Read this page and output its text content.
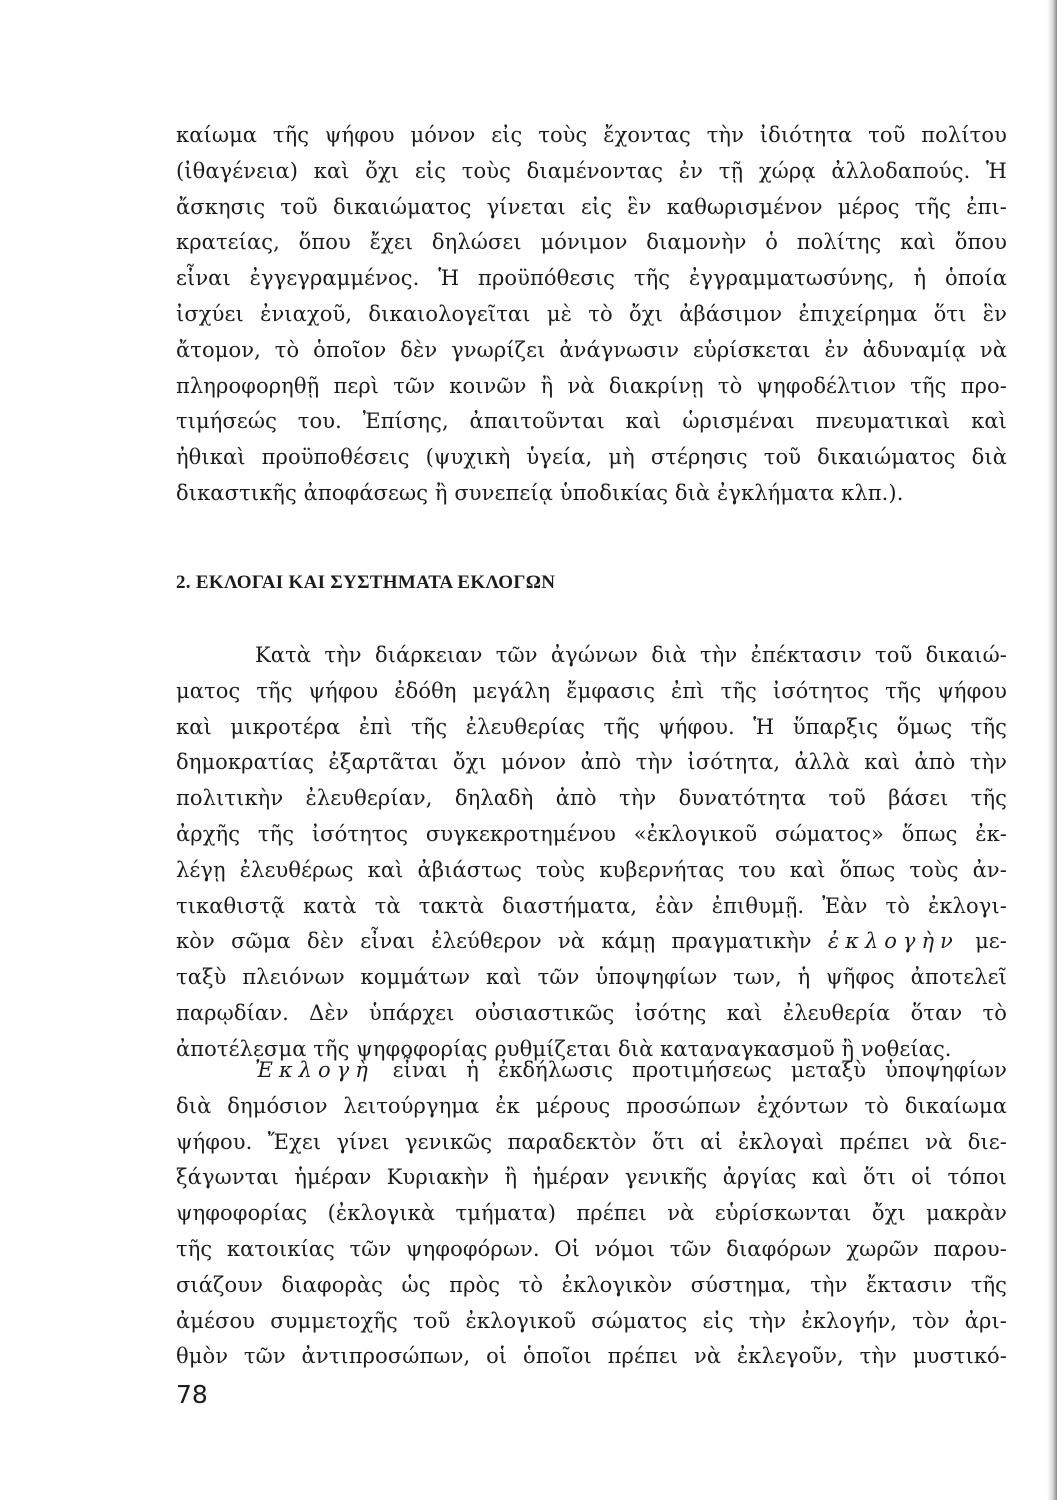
καίωμα τῆς ψήφου μόνον εἰς τοὺς ἔχοντας τὴν ἰδιότητα τοῦ πολίτου
(ἰθαγένεια) καὶ ὄχι εἰς τοὺς διαμένοντας ἐν τῇ χώρᾳ ἀλλοδαπούς. Ἡ
ἄσκησις τοῦ δικαιώματος γίνεται εἰς ἓν καθωρισμένον μέρος τῆς ἐπι-
κρατείας, ὅπου ἔχει δηλώσει μόνιμον διαμονὴν ὁ πολίτης καὶ ὅπου
εἶναι ἐγγεγραμμένος. Ἡ προϋπόθεσις τῆς ἐγγραμματωσύνης, ἡ ὁποία
ἰσχύει ἐνιαχοῦ, δικαιολογεῖται μὲ τὸ ὄχι ἀβάσιμον ἐπιχείρημα ὅτι ἓν
ἄτομον, τὸ ὁποῖον δὲν γνωρίζει ἀνάγνωσιν εὑρίσκεται ἐν ἀδυναμίᾳ νὰ
πληροφορηθῇ περὶ τῶν κοινῶν ἢ νὰ διακρίνῃ τὸ ψηφοδέλτιον τῆς προ-
τιμήσεώς του. Ἐπίσης, ἀπαιτοῦνται καὶ ὡρισμέναι πνευματικαὶ καὶ
ἠθικαὶ προϋποθέσεις (ψυχικὴ ὑγεία, μὴ στέρησις τοῦ δικαιώματος διὰ
δικαστικῆς ἀποφάσεως ἢ συνεπείᾳ ὑποδικίας διὰ ἐγκλήματα κλπ.).

2. ΕΚΛΟΓΑΙ ΚΑΙ ΣΥΣΤΗΜΑΤΑ ΕΚΛΟΓΩΝ

Κατὰ τὴν διάρκειαν τῶν ἀγώνων διὰ τὴν ἐπέκτασιν τοῦ δικαιώ-
ματος τῆς ψήφου ἐδόθη μεγάλη ἔμφασις ἐπὶ τῆς ἰσότητος τῆς ψήφου
καὶ μικροτέρα ἐπὶ τῆς ἐλευθερίας τῆς ψήφου. Ἡ ὕπαρξις ὅμως τῆς
δημοκρατίας ἐξαρτᾶται ὄχι μόνον ἀπὸ τὴν ἰσότητα, ἀλλὰ καὶ ἀπὸ τὴν
πολιτικὴν ἐλευθερίαν, δηλαδὴ ἀπὸ τὴν δυνατότητα τοῦ βάσει τῆς
ἀρχῆς τῆς ἰσότητος συγκεκροτημένου «ἐκλογικοῦ σώματος» ὅπως ἐκ-
λέγῃ ἐλευθέρως καὶ ἀβιάστως τοὺς κυβερνήτας του καὶ ὅπως τοὺς ἀν-
τικαθιστᾷ κατὰ τὰ τακτὰ διαστήματα, ἐὰν ἐπιθυμῇ. Ἐὰν τὸ ἐκλογι-
κὸν σῶμα δὲν εἶναι ἐλεύθερον νὰ κάμῃ πραγματικὴν ἐκλογὴν με-
ταξὺ πλειόνων κομμάτων καὶ τῶν ὑποψηφίων των, ἡ ψῆφος ἀποτελεῖ
παρῳδίαν. Δὲν ὑπάρχει οὐσιαστικῶς ἰσότης καὶ ἐλευθερία ὅταν τὸ
ἀποτέλεσμα τῆς ψηφοφορίας ρυθμίζεται διὰ καταναγκασμοῦ ἢ νοθείας.

Ἐκλογὴ εἶναι ἡ ἐκδήλωσις προτιμήσεως μεταξὺ ὑποψηφίων
διὰ δημόσιον λειτούργημα ἐκ μέρους προσώπων ἐχόντων τὸ δικαίωμα
ψήφου. Ἔχει γίνει γενικῶς παραδεκτὸν ὅτι αἱ ἐκλογαὶ πρέπει νὰ διε-
ξάγωνται ἡμέραν Κυριακὴν ἢ ἡμέραν γενικῆς ἀργίας καὶ ὅτι οἱ τόποι
ψηφοφορίας (ἐκλογικὰ τμήματα) πρέπει νὰ εὑρίσκωνται ὄχι μακρὰν
τῆς κατοικίας τῶν ψηφοφόρων. Οἱ νόμοι τῶν διαφόρων χωρῶν παρου-
σιάζουν διαφορὰς ὡς πρὸς τὸ ἐκλογικὸν σύστημα, τὴν ἔκτασιν τῆς
ἀμέσου συμμετοχῆς τοῦ ἐκλογικοῦ σώματος εἰς τὴν ἐκλογήν, τὸν ἀρι-
θμὸν τῶν ἀντιπροσώπων, οἱ ὁποῖοι πρέπει νὰ ἐκλεγοῦν, τὴν μυστικό-

78
